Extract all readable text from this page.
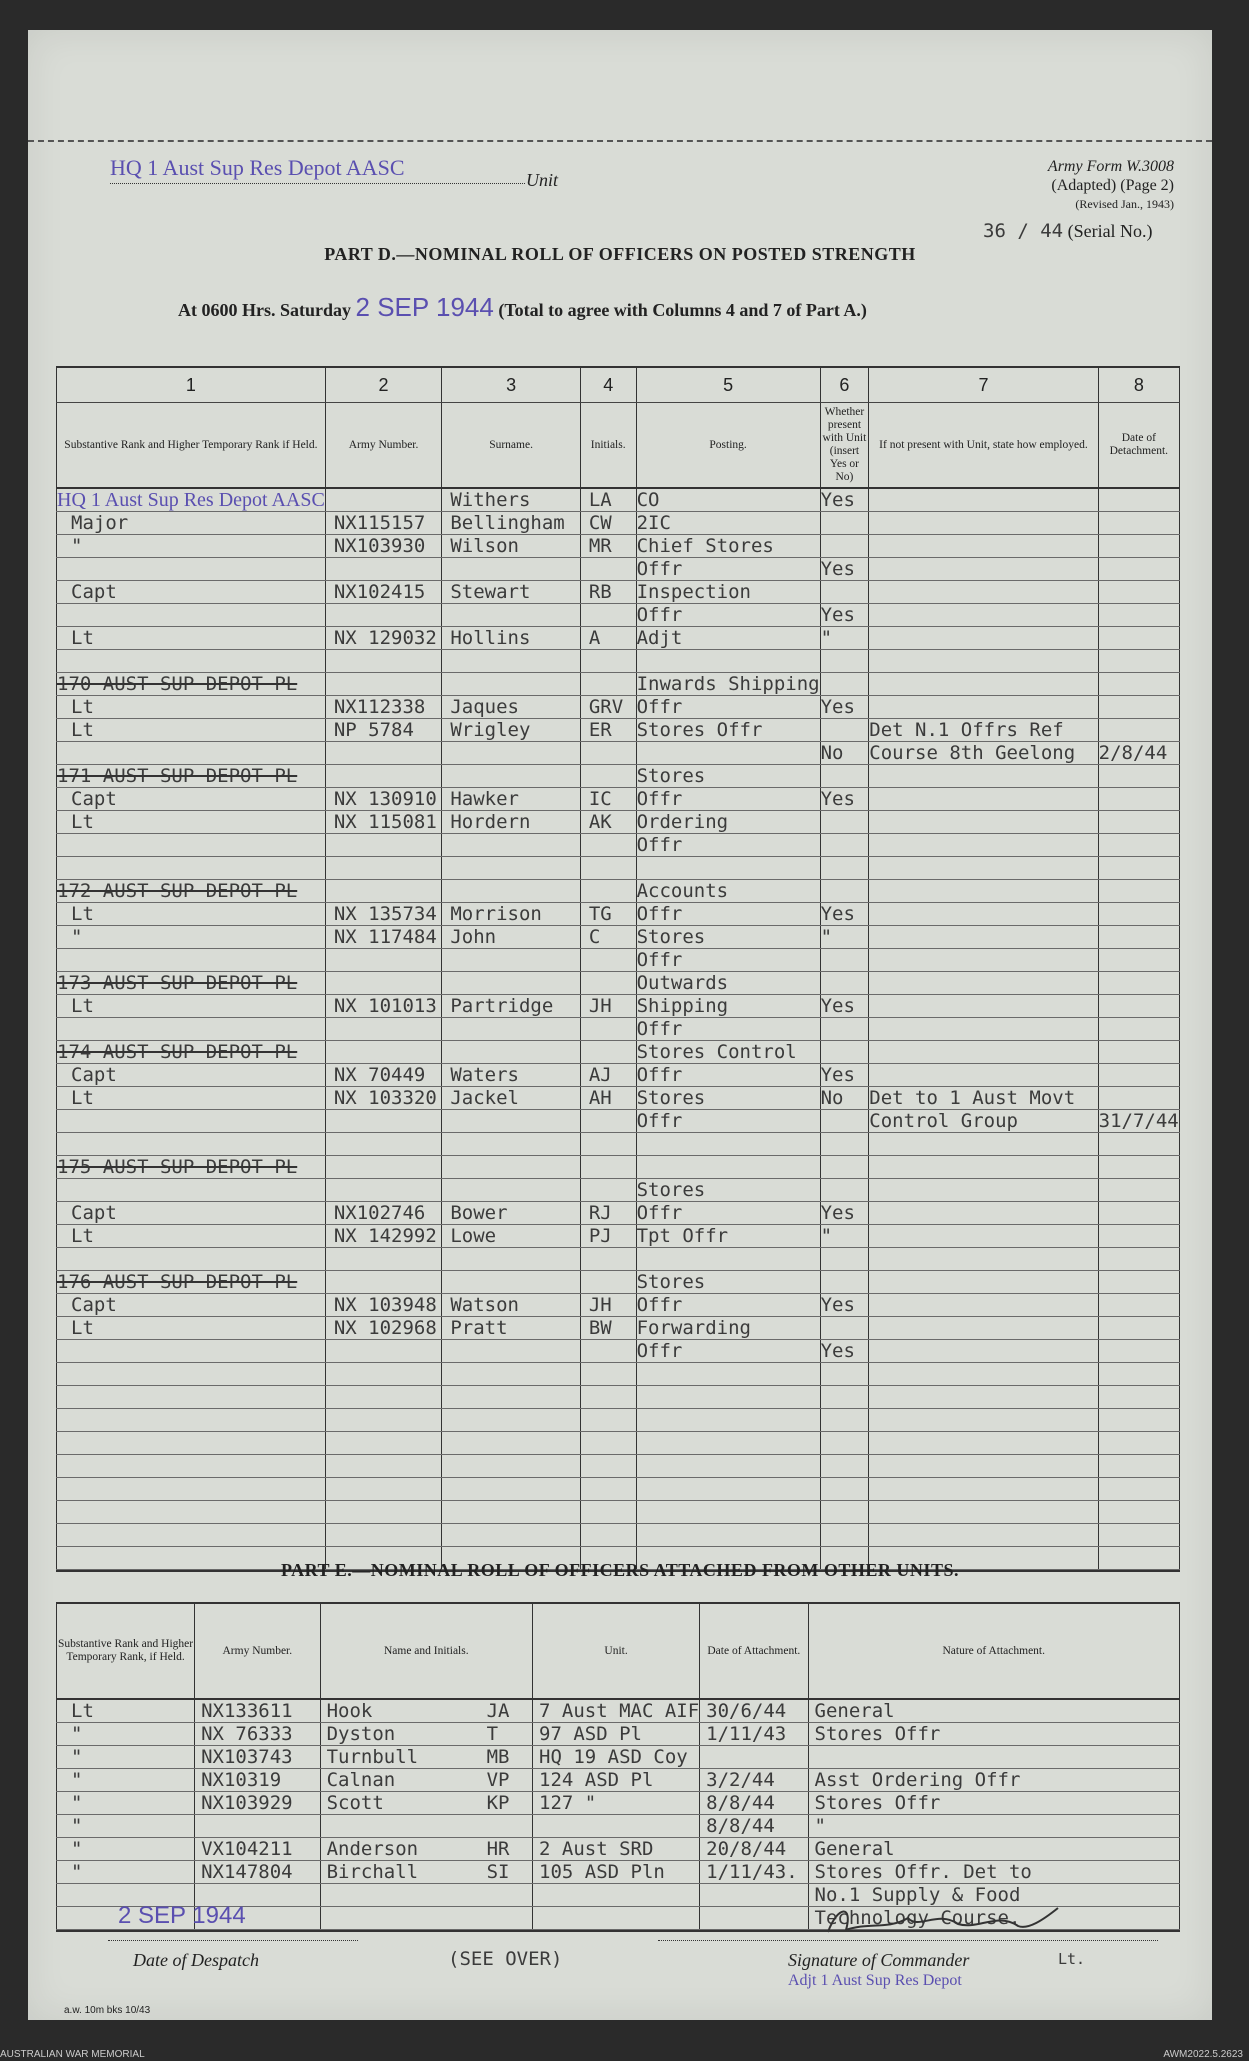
HQ 1 Aust Sup Res Depot AASC	Unit
Army Form W.3008
(Adapted) (Page 2)
(Revised Jan., 1943)
36 / 44 (Serial No.)
PART D.—NOMINAL ROLL OF OFFICERS ON POSTED STRENGTH
At 0600 Hrs. Saturday 2 SEP 1944 (Total to agree with Columns 4 and 7 of Part A.)
1	2	3	4	5	6	7	8
Substantive Rank and Higher Temporary Rank if Held.	Army Number.	Surname.	Initials.	Posting.	Whether present with Unit (insert Yes or No)	If not present with Unit, state how employed.	Date of Detachment.

HQ 1 Aust Sup Res Depot AASC		Withers	LA	CO	Yes		

Major	NX115157	Bellingham	CW	2IC			

"	NX103930	Wilson	MR	Chief Stores			

				Offr	Yes		

Capt	NX102415	Stewart	RB	Inspection			

				Offr	Yes		

Lt	NX 129032	Hollins	A	Adjt	"		

170 AUST SUP DEPOT PL				Inwards Shipping			

Lt	NX112338	Jaques	GRV	Offr	Yes		

Lt	NP 5784	Wrigley	ER	Stores Offr		Det N.1 Offrs Ref	

					No	Course 8th Geelong	2/8/44

171 AUST SUP DEPOT PL				Stores			

Capt	NX 130910	Hawker	IC	Offr	Yes		

Lt	NX 115081	Hordern	AK	Ordering			

				Offr			

172 AUST SUP DEPOT PL				Accounts			

Lt	NX 135734	Morrison	TG	Offr	Yes		

"	NX 117484	John	C	Stores	"		

				Offr			

173 AUST SUP DEPOT PL				Outwards			

Lt	NX 101013	Partridge	JH	Shipping	Yes		

				Offr			

174 AUST SUP DEPOT PL				Stores Control			

Capt	NX 70449	Waters	AJ	Offr	Yes		

Lt	NX 103320	Jackel	AH	Stores	No	Det to 1 Aust Movt	

				Offr		Control Group	31/7/44

175 AUST SUP DEPOT PL							

				Stores			

Capt	NX102746	Bower	RJ	Offr	Yes		

Lt	NX 142992	Lowe	PJ	Tpt Offr	"		

176 AUST SUP DEPOT PL				Stores			

Capt	NX 103948	Watson	JH	Offr	Yes		

Lt	NX 102968	Pratt	BW	Forwarding			

				Offr	Yes		

PART E.—NOMINAL ROLL OF OFFICERS ATTACHED FROM OTHER UNITS.
Substantive Rank and Higher Temporary Rank, if Held.	Army Number.	Name and Initials.	Unit.	Date of Attachment.	Nature of Attachment.
Lt	NX133611	Hook JA	7 Aust MAC AIF	30/6/44	General
"	NX 76333	Dyston T	97 ASD Pl	1/11/43	Stores Offr
"	NX103743	Turnbull MB	HQ 19 ASD Coy		
"	NX10319	Calnan VP	124 ASD Pl	3/2/44	Asst Ordering Offr
"	NX103929	Scott KP	127 "	8/8/44	Stores Offr
"				8/8/44	"
"	VX104211	Anderson HR	2 Aust SRD	20/8/44	General
"	NX147804	Birchall SI	105 ASD Pln	1/11/43.	Stores Offr. Det to
					No.1 Supply & Food
					Technology Course.

2 SEP 1944
Date of Despatch	(SEE OVER)	Signature of Commander	Lt.
Adjt 1 Aust Sup Res Depot
a.w. 10m bks 10/43
AUSTRALIAN WAR MEMORIAL	AWM2022.5.2623
